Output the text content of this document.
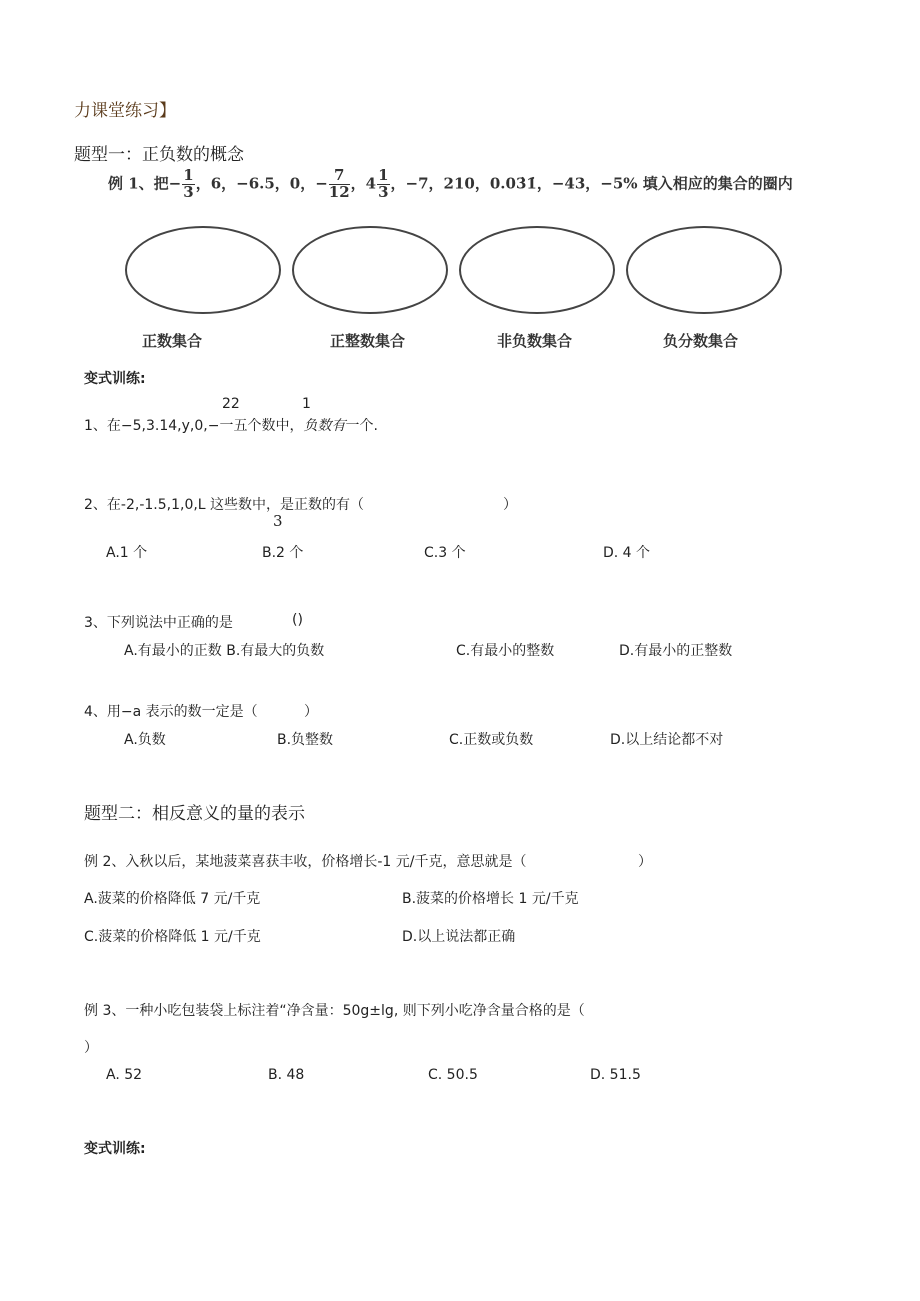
力课堂练习】
题型一：正负数的概念
例 1、把− $\frac{1}{3}$ ，6，−6.5，0，− $\frac{7}{12}$ ，$4 \frac{1}{3}$ ，−7，210，0.03̇1̇，−43，−5% 填入相应的集合的圈内
正数集合	正整数集合	非负数集合	负分数集合
变式训练:
22	1
1、在−5,3.14,y,0,−一五个数中，负数有一个.
2、在-2,-1.5,1,0,L 这些数中，是正数的有（	）
3
A.1 个	B.2 个	C.3 个	D. 4 个
3、下列说法中正确的是	()
A.有最小的正数 B.有最大的负数	C.有最小的整数	D.有最小的正整数
4、用−a 表示的数一定是（	）
A.负数	B.负整数	C.正数或负数	D.以上结论都不对
题型二：相反意义的量的表示
例 2、入秋以后，某地菠菜喜获丰收，价格增长-1 元/千克，意思就是（	）
A.菠菜的价格降低 7 元/千克	B.菠菜的价格增长 1 元/千克
C.菠菜的价格降低 1 元/千克	D.以上说法都正确
例 3、一种小吃包装袋上标注着“净含量：50g±lg, 则下列小吃净含量合格的是（
）
A. 52	B. 48	C. 50.5	D. 51.5
变式训练:
